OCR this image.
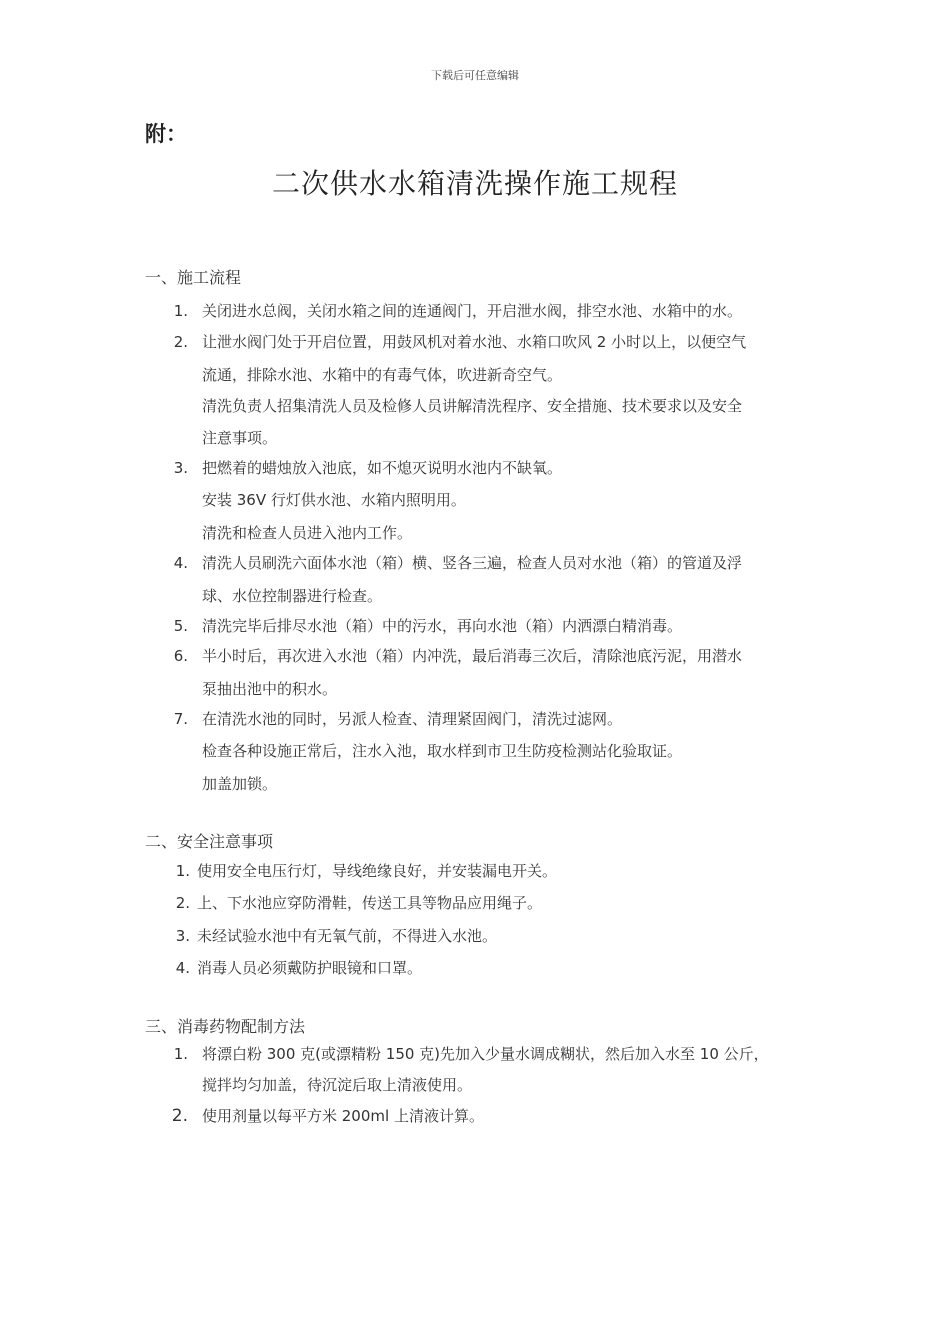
下载后可任意编辑
附：
二次供水水箱清洗操作施工规程
一、施工流程
1. 关闭进水总阀，关闭水箱之间的连通阀门，开启泄水阀，排空水池、水箱中的水。
2. 让泄水阀门处于开启位置，用鼓风机对着水池、水箱口吹风 2 小时以上，以便空气
流通，排除水池、水箱中的有毒气体，吹进新奇空气。
清洗负责人招集清洗人员及检修人员讲解清洗程序、安全措施、技术要求以及安全
注意事项。
3. 把燃着的蜡烛放入池底，如不熄灭说明水池内不缺氧。
安装 36V 行灯供水池、水箱内照明用。
清洗和检查人员进入池内工作。
4. 清洗人员刷洗六面体水池（箱）横、竖各三遍，检查人员对水池（箱）的管道及浮
球、水位控制器进行检查。
5. 清洗完毕后排尽水池（箱）中的污水，再向水池（箱）内洒漂白精消毒。
6. 半小时后，再次进入水池（箱）内冲洗，最后消毒三次后，清除池底污泥，用潜水
泵抽出池中的积水。
7. 在清洗水池的同时，另派人检查、清理紧固阀门，清洗过滤网。
检查各种设施正常后，注水入池，取水样到市卫生防疫检测站化验取证。
加盖加锁。
二、安全注意事项
1. 使用安全电压行灯，导线绝缘良好，并安装漏电开关。
2. 上、下水池应穿防滑鞋，传送工具等物品应用绳子。
3. 未经试验水池中有无氧气前，不得进入水池。
4. 消毒人员必须戴防护眼镜和口罩。
三、消毒药物配制方法
1. 将漂白粉 300 克(或漂精粉 150 克)先加入少量水调成糊状，然后加入水至 10 公斤，
搅拌均匀加盖，待沉淀后取上清液使用。
2. 使用剂量以每平方米 200ml 上清液计算。
